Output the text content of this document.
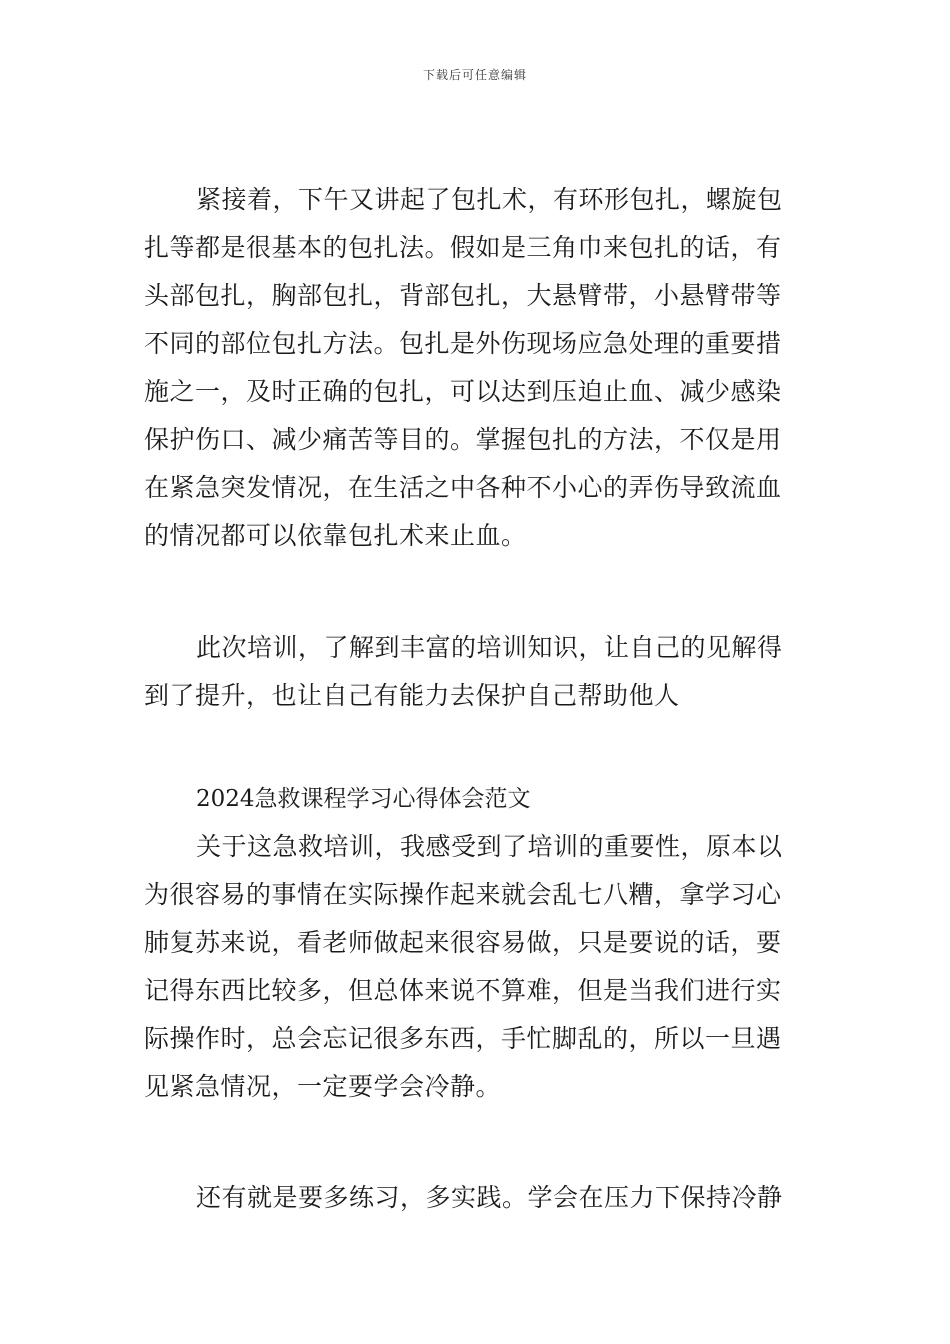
下载后可任意编辑
紧接着，下午又讲起了包扎术，有环形包扎，螺旋包
扎等都是很基本的包扎法。假如是三角巾来包扎的话，有
头部包扎，胸部包扎，背部包扎，大悬臂带，小悬臂带等
不同的部位包扎方法。包扎是外伤现场应急处理的重要措
施之一，及时正确的包扎，可以达到压迫止血、减少感染
保护伤口、减少痛苦等目的。掌握包扎的方法，不仅是用
在紧急突发情况，在生活之中各种不小心的弄伤导致流血
的情况都可以依靠包扎术来止血。
此次培训，了解到丰富的培训知识，让自己的见解得
到了提升，也让自己有能力去保护自己帮助他人
2024急救课程学习心得体会范文
关于这急救培训，我感受到了培训的重要性，原本以
为很容易的事情在实际操作起来就会乱七八糟，拿学习心
肺复苏来说，看老师做起来很容易做，只是要说的话，要
记得东西比较多，但总体来说不算难，但是当我们进行实
际操作时，总会忘记很多东西，手忙脚乱的，所以一旦遇
见紧急情况，一定要学会冷静。
还有就是要多练习，多实践。学会在压力下保持冷静
